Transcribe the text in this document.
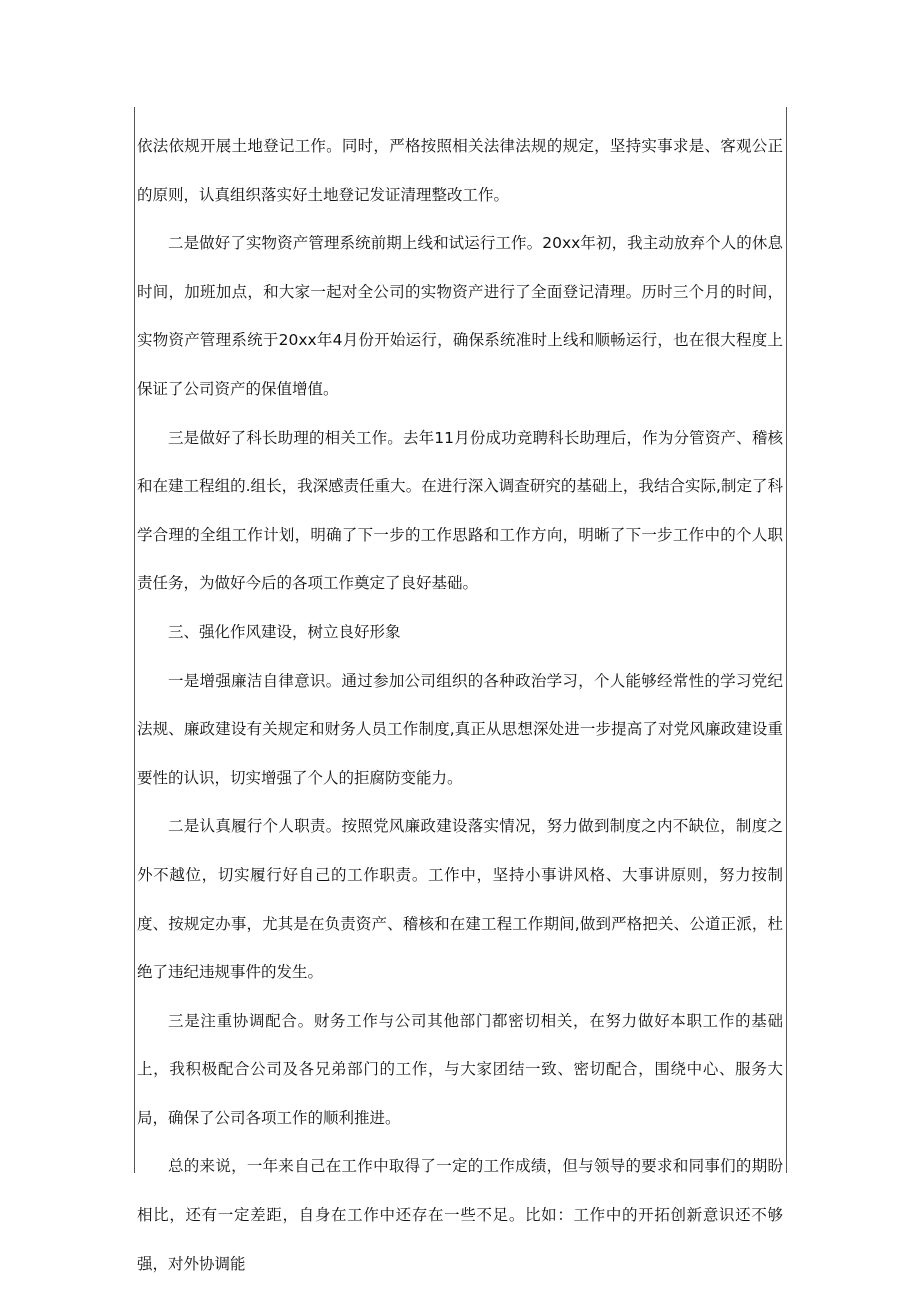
依法依规开展土地登记工作。同时，严格按照相关法律法规的规定，坚持实事求是、客观公正的原则，认真组织落实好土地登记发证清理整改工作。

二是做好了实物资产管理系统前期上线和试运行工作。20xx年初，我主动放弃个人的休息时间，加班加点，和大家一起对全公司的实物资产进行了全面登记清理。历时三个月的时间，实物资产管理系统于20xx年4月份开始运行，确保系统准时上线和顺畅运行，也在很大程度上保证了公司资产的保值增值。

三是做好了科长助理的相关工作。去年11月份成功竞聘科长助理后，作为分管资产、稽核和在建工程组的.组长，我深感责任重大。在进行深入调查研究的基础上，我结合实际,制定了科学合理的全组工作计划，明确了下一步的工作思路和工作方向，明晰了下一步工作中的个人职责任务，为做好今后的各项工作奠定了良好基础。

三、强化作风建设，树立良好形象

一是增强廉洁自律意识。通过参加公司组织的各种政治学习，个人能够经常性的学习党纪法规、廉政建设有关规定和财务人员工作制度,真正从思想深处进一步提高了对党风廉政建设重要性的认识，切实增强了个人的拒腐防变能力。

二是认真履行个人职责。按照党风廉政建设落实情况，努力做到制度之内不缺位，制度之外不越位，切实履行好自己的工作职责。工作中，坚持小事讲风格、大事讲原则，努力按制度、按规定办事，尤其是在负责资产、稽核和在建工程工作期间,做到严格把关、公道正派，杜绝了违纪违规事件的发生。

三是注重协调配合。财务工作与公司其他部门都密切相关，在努力做好本职工作的基础上，我积极配合公司及各兄弟部门的工作，与大家团结一致、密切配合，围绕中心、服务大局，确保了公司各项工作的顺利推进。

总的来说，一年来自己在工作中取得了一定的工作成绩，但与领导的要求和同事们的期盼相比，还有一定差距，自身在工作中还存在一些不足。比如：工作中的开拓创新意识还不够强，对外协调能
